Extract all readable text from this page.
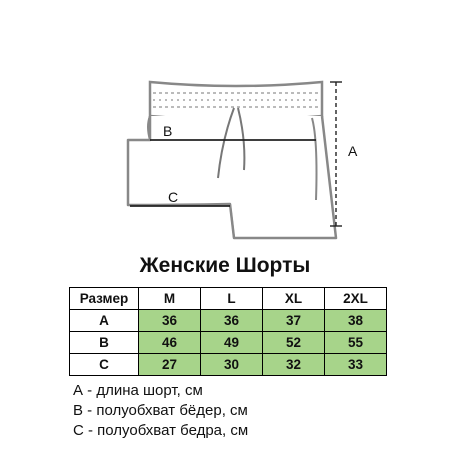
A
B
C
Женские Шорты
Размер	M	L	XL	2XL
A	36	36	37	38
B	46	49	52	55
C	27	30	32	33
А - длина шорт, см
В - полуобхват бёдер, см
С - полуобхват бедра, см
